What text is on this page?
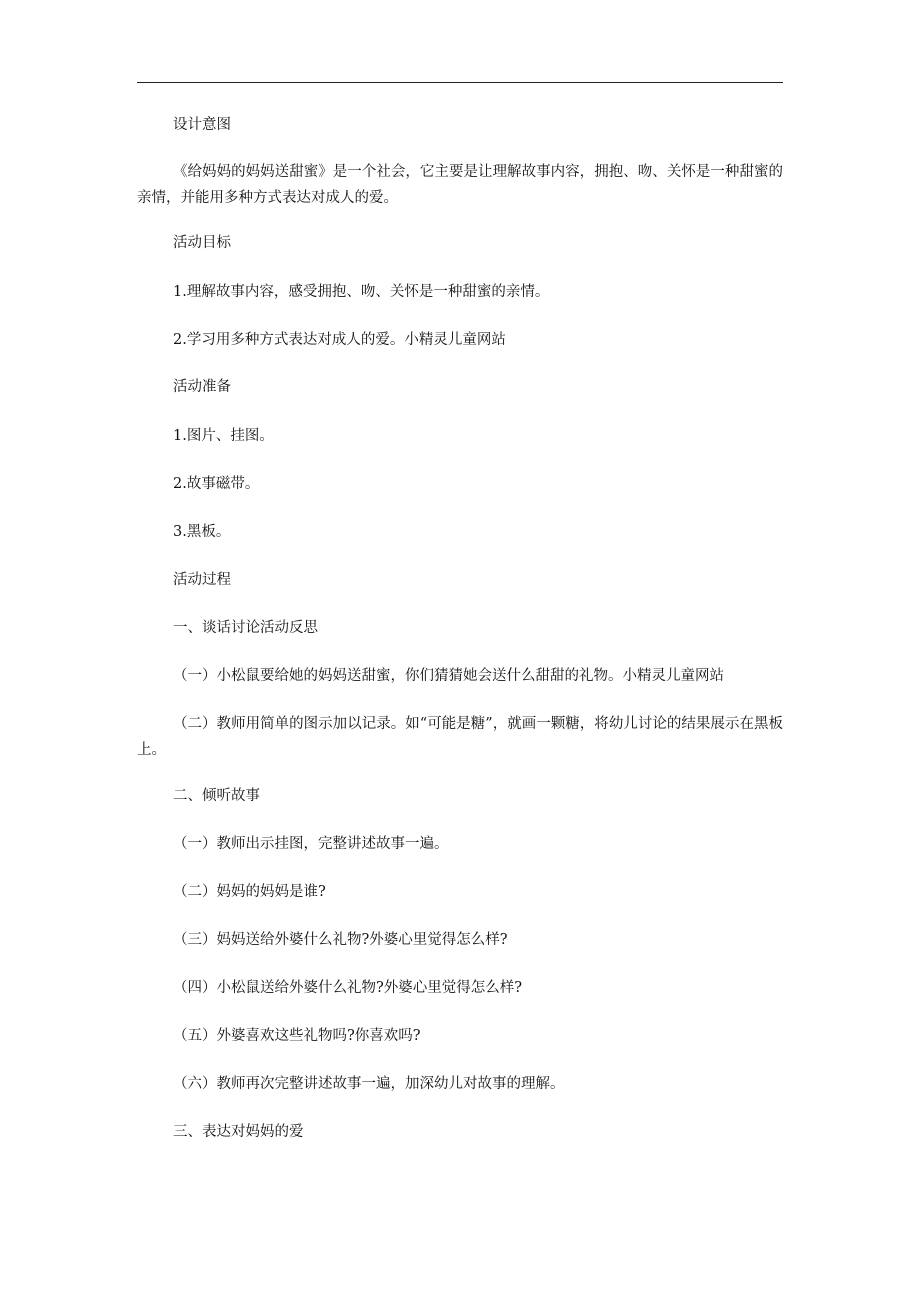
设计意图
《给妈妈的妈妈送甜蜜》是一个社会，它主要是让理解故事内容，拥抱、吻、关怀是一种甜蜜的亲情，并能用多种方式表达对成人的爱。
活动目标
1.理解故事内容，感受拥抱、吻、关怀是一种甜蜜的亲情。
2.学习用多种方式表达对成人的爱。小精灵儿童网站
活动准备
1.图片、挂图。
2.故事磁带。
3.黑板。
活动过程
一、谈话讨论活动反思
（一）小松鼠要给她的妈妈送甜蜜，你们猜猜她会送什么甜甜的礼物。小精灵儿童网站
（二）教师用简单的图示加以记录。如“可能是糖”，就画一颗糖，将幼儿讨论的结果展示在黑板上。
二、倾听故事
（一）教师出示挂图，完整讲述故事一遍。
（二）妈妈的妈妈是谁?
（三）妈妈送给外婆什么礼物?外婆心里觉得怎么样?
（四）小松鼠送给外婆什么礼物?外婆心里觉得怎么样?
（五）外婆喜欢这些礼物吗?你喜欢吗?
（六）教师再次完整讲述故事一遍，加深幼儿对故事的理解。
三、表达对妈妈的爱
